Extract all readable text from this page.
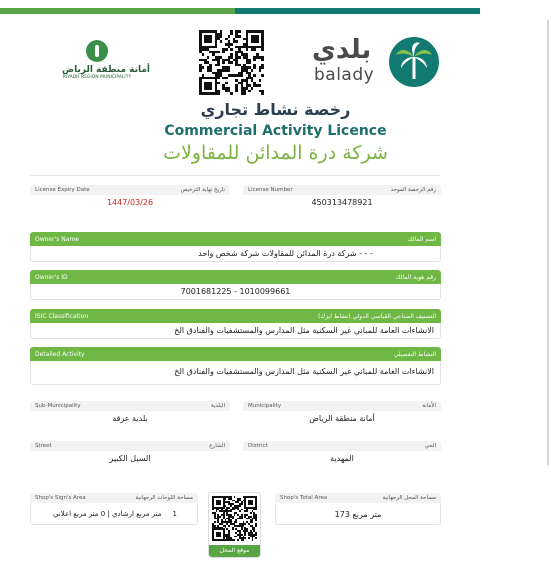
أمانة منطقة الرياض
RIYADH REGION MUNICIPALITY
بلدي
balady
رخصة نشاط تجاري
Commercial Activity Licence
شركة درة المدائن للمقاولات
License Expiry Date	تاريخ نهاية الترخيص
1447/03/26
License Number	رقم الرخصة الموحد
450313478921
Owner's Name	اسم المالك
شركة درة المدائن للمقاولات شركة شخص واحد - - -
Owner's ID	رقم هوية المالك
7001681225 - 1010099661
ISIC Classification	التصنيف الصناعي القياسي الدولي (نشاط ايزك)
الانشاءات العامة للمباني غير السكنية مثل المدارس والمستشفيات والفنادق الخ
Detailed Activity	النشاط التفصيلي
الانشاءات العامة للمباني غير السكنية مثل المدارس والمستشفيات والفنادق الخ
Sub-Municipality	البلدية
بلدية عرقة
Municipality	الأمانة
أمانة منطقة الرياض
Street	الشارع
السيل الكبير
District	الحي
المهدية
Shop's Sign's Area	مساحة اللوحات الرجهانية
متر مربع ارشادي | 0 متر مربع اعلاني 1
Shop's Total Area	مساحة المحل الرجهانية
173 متر مربع
موقع المحل
